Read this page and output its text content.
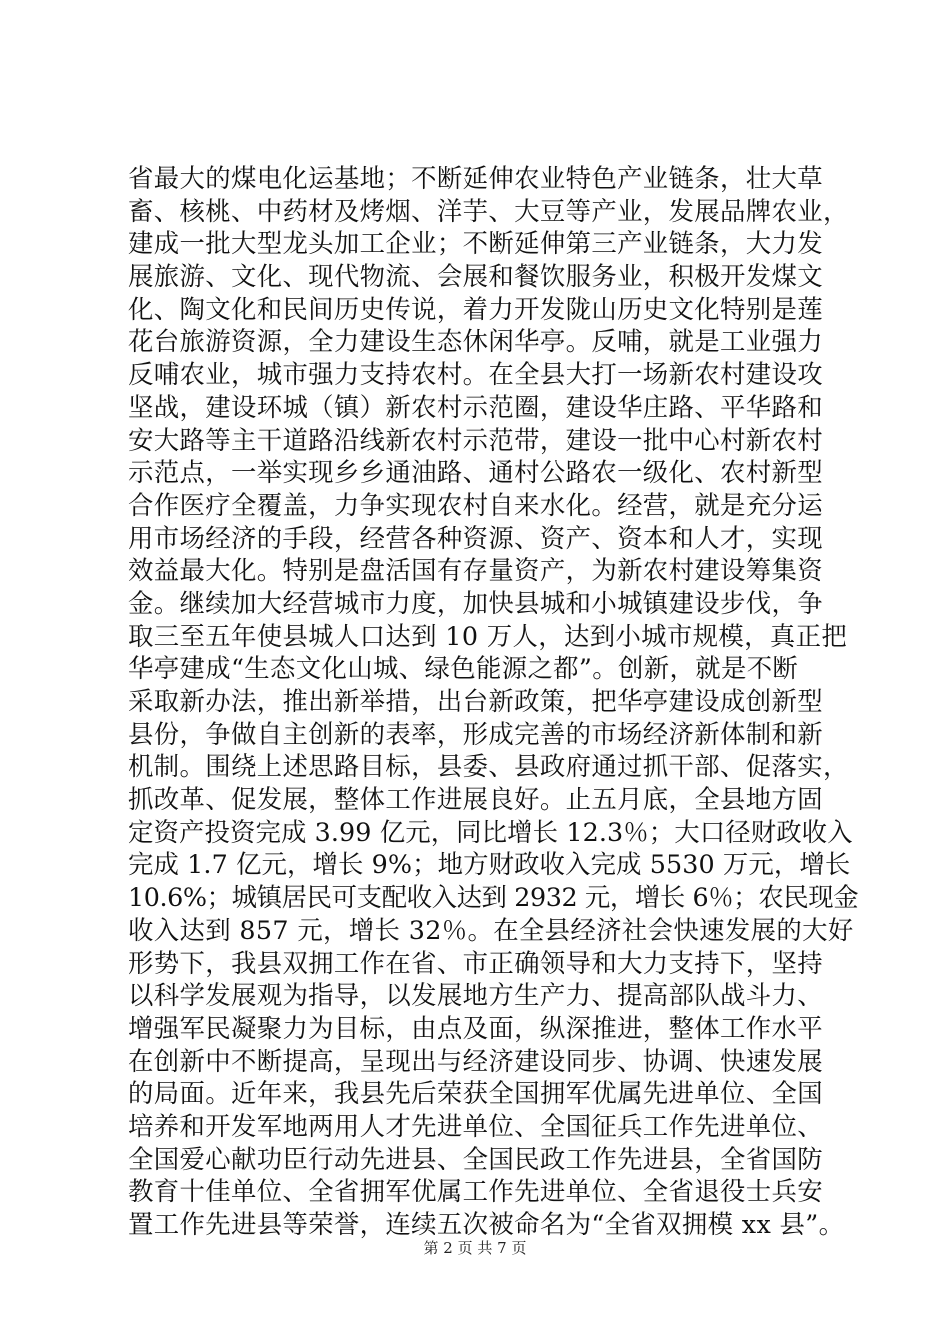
省最大的煤电化运基地；不断延伸农业特色产业链条，壮大草
畜、核桃、中药材及烤烟、洋芋、大豆等产业，发展品牌农业，
建成一批大型龙头加工企业；不断延伸第三产业链条，大力发
展旅游、文化、现代物流、会展和餐饮服务业，积极开发煤文
化、陶文化和民间历史传说，着力开发陇山历史文化特别是莲
花台旅游资源，全力建设生态休闲华亭。反哺，就是工业强力
反哺农业，城市强力支持农村。在全县大打一场新农村建设攻
坚战，建设环城（镇）新农村示范圈，建设华庄路、平华路和
安大路等主干道路沿线新农村示范带，建设一批中心村新农村
示范点，一举实现乡乡通油路、通村公路农一级化、农村新型
合作医疗全覆盖，力争实现农村自来水化。经营，就是充分运
用市场经济的手段，经营各种资源、资产、资本和人才，实现
效益最大化。特别是盘活国有存量资产，为新农村建设筹集资
金。继续加大经营城市力度，加快县城和小城镇建设步伐，争
取三至五年使县城人口达到 10 万人，达到小城市规模，真正把
华亭建成“生态文化山城、绿色能源之都”。创新，就是不断
采取新办法，推出新举措，出台新政策，把华亭建设成创新型
县份，争做自主创新的表率，形成完善的市场经济新体制和新
机制。围绕上述思路目标，县委、县政府通过抓干部、促落实，
抓改革、促发展，整体工作进展良好。止五月底，全县地方固
定资产投资完成 3.99 亿元，同比增长 12.3％；大口径财政收入
完成 1.7 亿元，增长 9%；地方财政收入完成 5530 万元，增长
10.6%；城镇居民可支配收入达到 2932 元，增长 6％；农民现金
收入达到 857 元，增长 32％。在全县经济社会快速发展的大好
形势下，我县双拥工作在省、市正确领导和大力支持下，坚持
以科学发展观为指导，以发展地方生产力、提高部队战斗力、
增强军民凝聚力为目标，由点及面，纵深推进，整体工作水平
在创新中不断提高，呈现出与经济建设同步、协调、快速发展
的局面。近年来，我县先后荣获全国拥军优属先进单位、全国
培养和开发军地两用人才先进单位、全国征兵工作先进单位、
全国爱心献功臣行动先进县、全国民政工作先进县，全省国防
教育十佳单位、全省拥军优属工作先进单位、全省退役士兵安
置工作先进县等荣誉，连续五次被命名为“全省双拥模 xx 县”。
第 2 页 共 7 页
